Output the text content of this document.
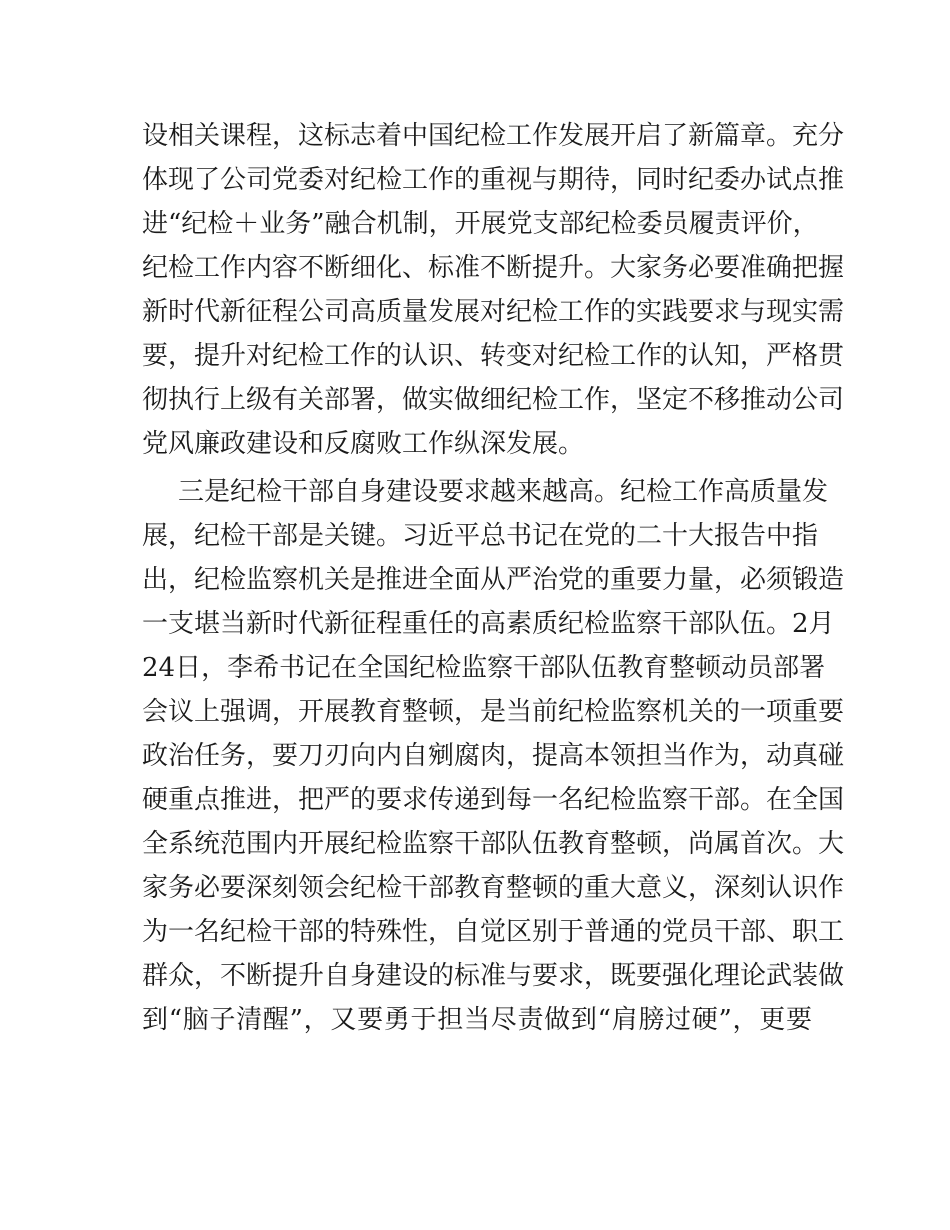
设相关课程，这标志着中国纪检工作发展开启了新篇章。充分
体现了公司党委对纪检工作的重视与期待，同时纪委办试点推
进“纪检＋业务”融合机制，开展党支部纪检委员履责评价，
纪检工作内容不断细化、标准不断提升。大家务必要准确把握
新时代新征程公司高质量发展对纪检工作的实践要求与现实需
要，提升对纪检工作的认识、转变对纪检工作的认知，严格贯
彻执行上级有关部署，做实做细纪检工作，坚定不移推动公司
党风廉政建设和反腐败工作纵深发展。
三是纪检干部自身建设要求越来越高。纪检工作高质量发
展，纪检干部是关键。习近平总书记在党的二十大报告中指
出，纪检监察机关是推进全面从严治党的重要力量，必须锻造
一支堪当新时代新征程重任的高素质纪检监察干部队伍。2月
24日，李希书记在全国纪检监察干部队伍教育整顿动员部署
会议上强调，开展教育整顿，是当前纪检监察机关的一项重要
政治任务，要刀刃向内自剜腐肉，提高本领担当作为，动真碰
硬重点推进，把严的要求传递到每一名纪检监察干部。在全国
全系统范围内开展纪检监察干部队伍教育整顿，尚属首次。大
家务必要深刻领会纪检干部教育整顿的重大意义，深刻认识作
为一名纪检干部的特殊性，自觉区别于普通的党员干部、职工
群众，不断提升自身建设的标准与要求，既要强化理论武装做
到“脑子清醒”，又要勇于担当尽责做到“肩膀过硬”，更要
